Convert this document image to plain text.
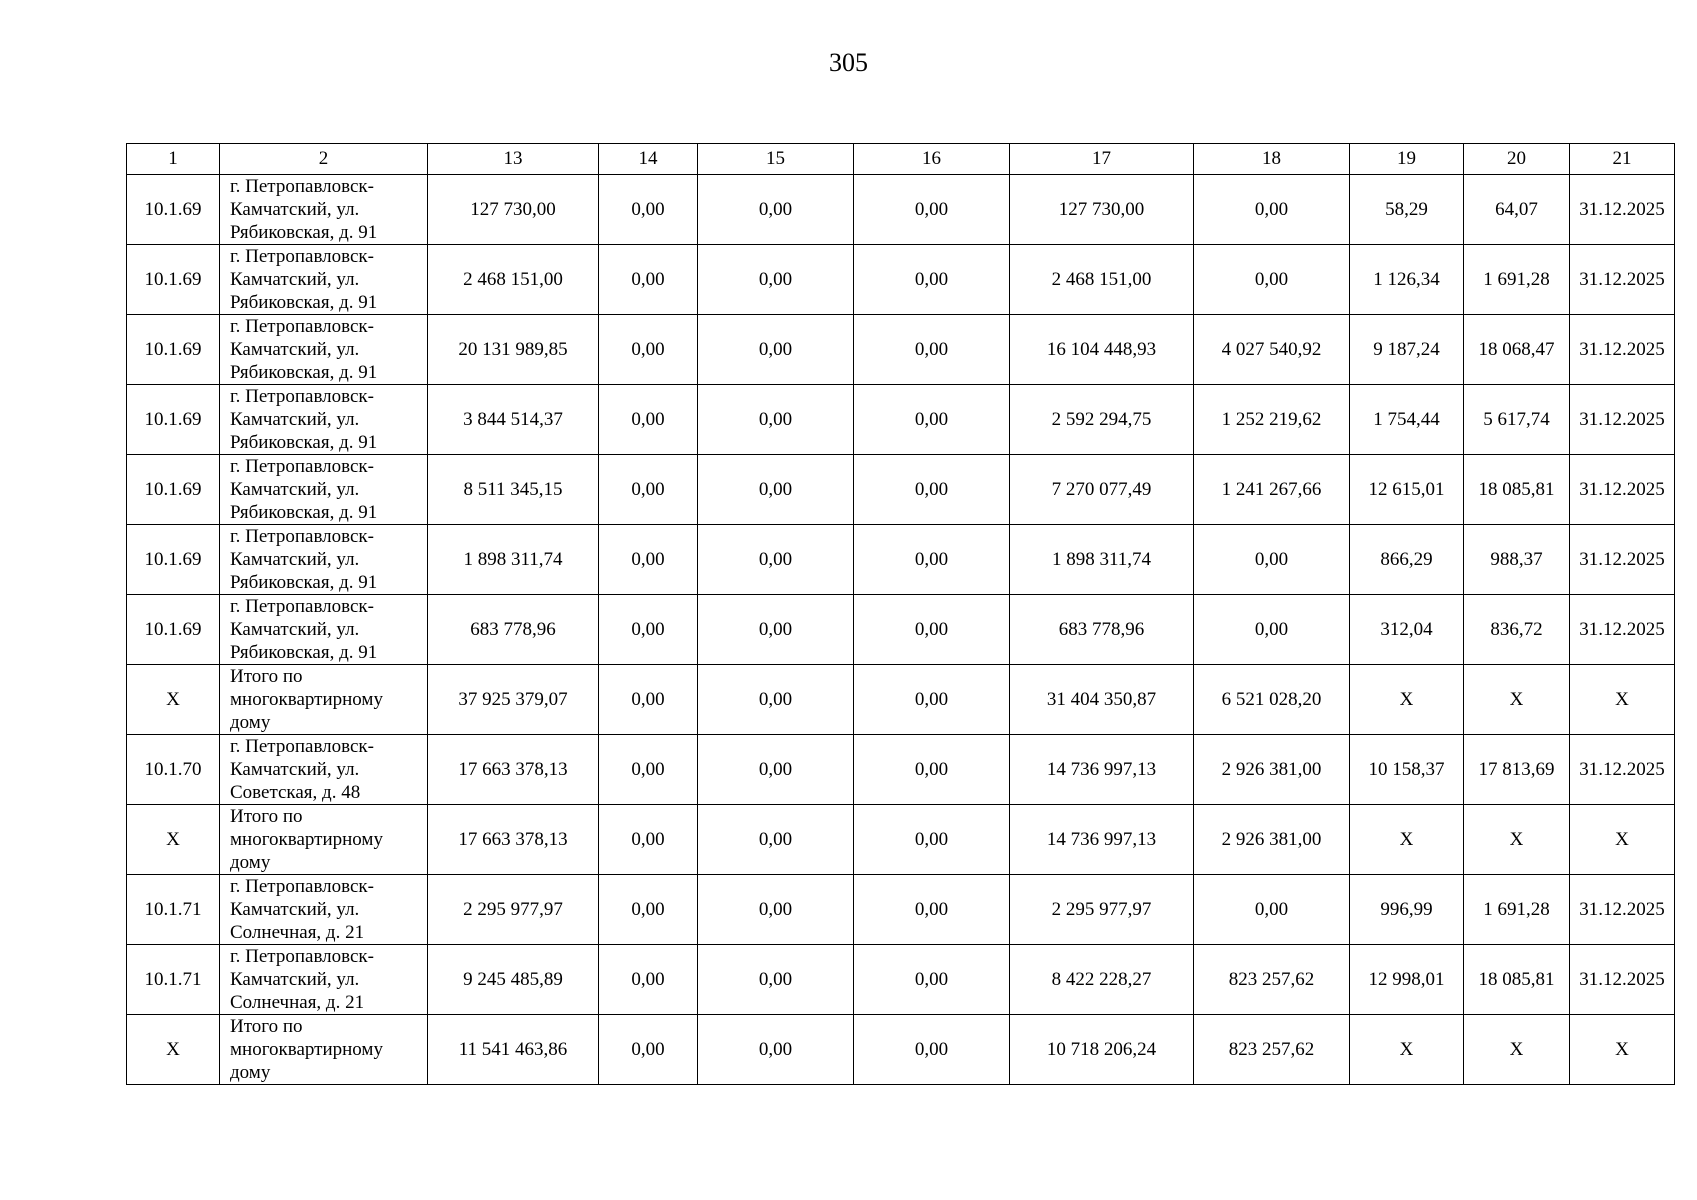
305
1	2	13	14	15	16	17	18	19	20	21
10.1.69	г. Петропавловск-
Камчатский, ул.
Рябиковская, д. 91	127 730,00	0,00	0,00	0,00	127 730,00	0,00	58,29	64,07	31.12.2025
10.1.69	г. Петропавловск-
Камчатский, ул.
Рябиковская, д. 91	2 468 151,00	0,00	0,00	0,00	2 468 151,00	0,00	1 126,34	1 691,28	31.12.2025
10.1.69	г. Петропавловск-
Камчатский, ул.
Рябиковская, д. 91	20 131 989,85	0,00	0,00	0,00	16 104 448,93	4 027 540,92	9 187,24	18 068,47	31.12.2025
10.1.69	г. Петропавловск-
Камчатский, ул.
Рябиковская, д. 91	3 844 514,37	0,00	0,00	0,00	2 592 294,75	1 252 219,62	1 754,44	5 617,74	31.12.2025
10.1.69	г. Петропавловск-
Камчатский, ул.
Рябиковская, д. 91	8 511 345,15	0,00	0,00	0,00	7 270 077,49	1 241 267,66	12 615,01	18 085,81	31.12.2025
10.1.69	г. Петропавловск-
Камчатский, ул.
Рябиковская, д. 91	1 898 311,74	0,00	0,00	0,00	1 898 311,74	0,00	866,29	988,37	31.12.2025
10.1.69	г. Петропавловск-
Камчатский, ул.
Рябиковская, д. 91	683 778,96	0,00	0,00	0,00	683 778,96	0,00	312,04	836,72	31.12.2025
X	Итого по
многоквартирному
дому	37 925 379,07	0,00	0,00	0,00	31 404 350,87	6 521 028,20	X	X	X
10.1.70	г. Петропавловск-
Камчатский, ул.
Советская, д. 48	17 663 378,13	0,00	0,00	0,00	14 736 997,13	2 926 381,00	10 158,37	17 813,69	31.12.2025
X	Итого по
многоквартирному
дому	17 663 378,13	0,00	0,00	0,00	14 736 997,13	2 926 381,00	X	X	X
10.1.71	г. Петропавловск-
Камчатский, ул.
Солнечная, д. 21	2 295 977,97	0,00	0,00	0,00	2 295 977,97	0,00	996,99	1 691,28	31.12.2025
10.1.71	г. Петропавловск-
Камчатский, ул.
Солнечная, д. 21	9 245 485,89	0,00	0,00	0,00	8 422 228,27	823 257,62	12 998,01	18 085,81	31.12.2025
X	Итого по
многоквартирному
дому	11 541 463,86	0,00	0,00	0,00	10 718 206,24	823 257,62	X	X	X
